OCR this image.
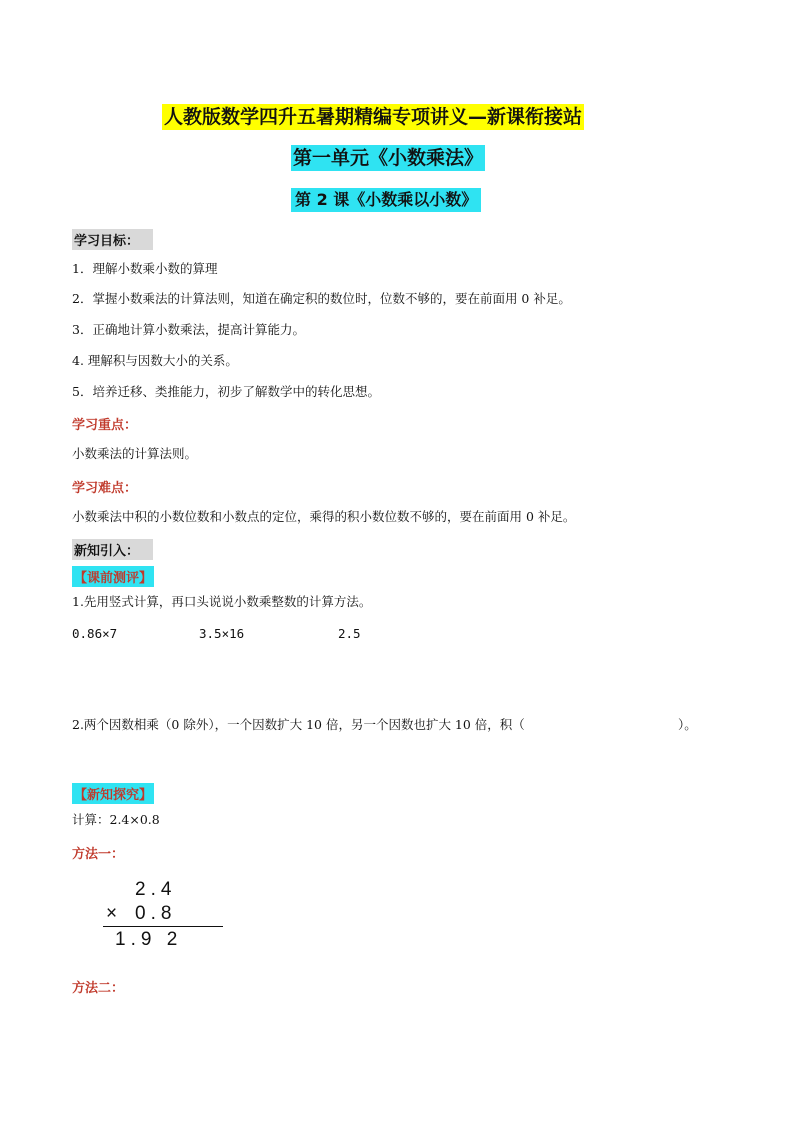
人教版数学四升五暑期精编专项讲义—新课衔接站
第一单元《小数乘法》
第 2 课《小数乘以小数》
学习目标：
1．理解小数乘小数的算理
2．掌握小数乘法的计算法则，知道在确定积的数位时，位数不够的，要在前面用 0 补足。
3．正确地计算小数乘法，提高计算能力。
4. 理解积与因数大小的关系。
5．培养迁移、类推能力，初步了解数学中的转化思想。
学习重点：
小数乘法的计算法则。
学习难点：
小数乘法中积的小数位数和小数点的定位，乘得的积小数位数不够的，要在前面用 0 补足。
新知引入：
【课前测评】
1.先用竖式计算，再口头说说小数乘整数的计算方法。
0.86×7	3.5×16	2.5
2.两个因数相乘（0 除外），一个因数扩大 10 倍，另一个因数也扩大 10 倍，积（	）。
【新知探究】
计算：2.4×0.8
方法一：
2.4
× 0.8
1.9 2
方法二：
